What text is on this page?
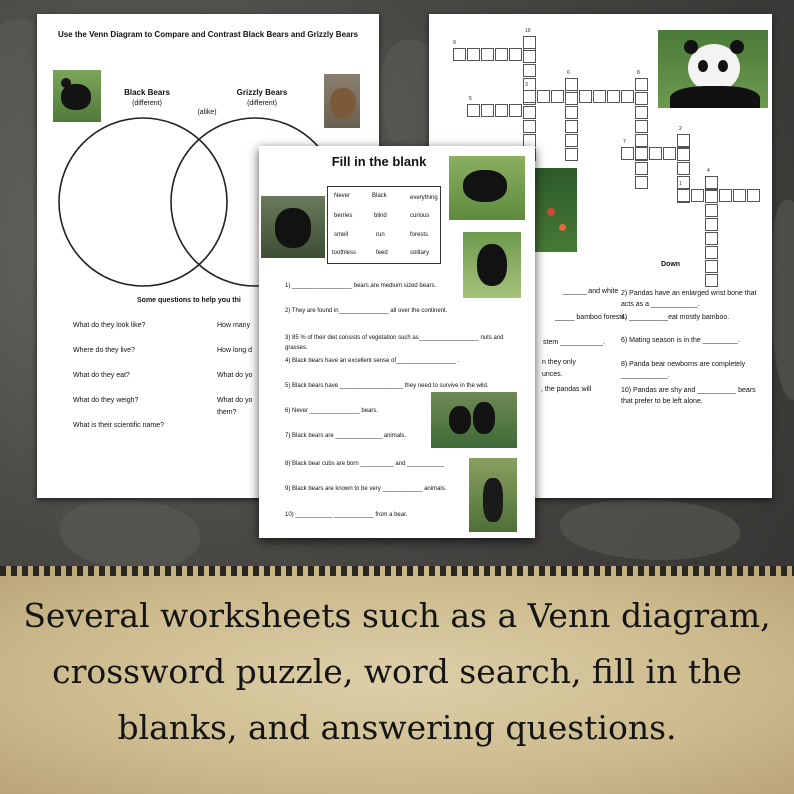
10
9
6	8
3
5
2
7
4
1
Down
______ and white
_____ bamboo forests.
stem ___________.
n they only
unces.
, the pandas will
2) Pandas have an enlarged wrist bone that acts as a ____________.
4) __________eat mostly bamboo.
6) Mating season is in the _________.
8) Panda bear newborns are completely ____________.
10) Pandas are shy and __________ bears that prefer to be left alone.
Use the Venn Diagram to Compare and Contrast Black Bears and Grizzly Bears
Black Bears
(different)
Grizzly Bears
(different)
(alike)
Some questions to help you thi
What do they look like?
Where do they live?
What do they eat?
What do they weigh?
What is their scientific name?
How many
How long d
What do yo
What do yo
them?
Fill in the blank
Never	Black	everything
berries	blind	curious
smell	run	forests
toothless	feed	solitary
1) __________________ bears are medium sized bears.
2) They are found in_______________ all over the continent.
3) 85 % of their diet consists of vegetation such as__________________ nuts and grasses.
4) Black bears have an excellent sense of__________________ .
5) Black bears have ___________________ they need to survive in the wild.
6) Never _______________ bears.
7) Black bears are ______________ animals.
8) Black bear cubs are born __________ and ___________
9) Black bears are known to be very ____________ animals.
10) ___________ ____________ from a bear.
Several worksheets such as a Venn diagram, crossword puzzle, word search, fill in the blanks, and answering questions.
